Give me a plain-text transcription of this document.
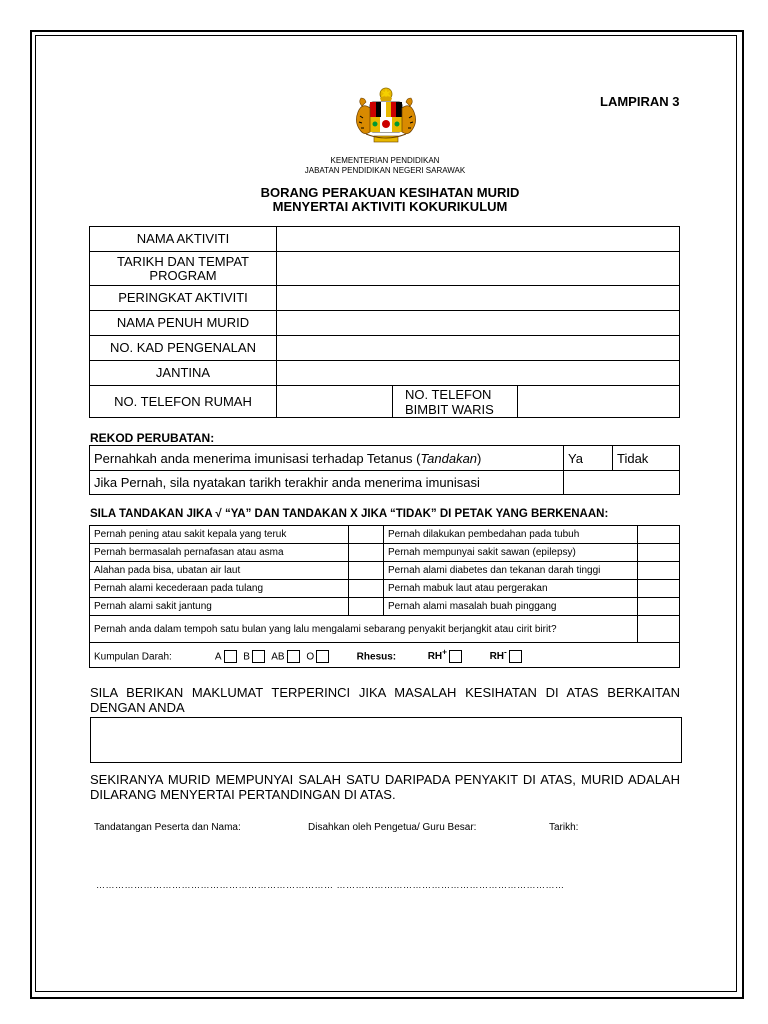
LAMPIRAN 3
KEMENTERIAN PENDIDIKAN
JABATAN PENDIDIKAN NEGERI SARAWAK
BORANG PERAKUAN KESIHATAN MURID
MENYERTAI AKTIVITI KOKURIKULUM
NAMA AKTIVITI			
TARIKH DAN TEMPAT PROGRAM			
PERINGKAT AKTIVITI			
NAMA PENUH MURID			
NO. KAD PENGENALAN			
JANTINA			
NO. TELEFON RUMAH		NO. TELEFON BIMBIT WARIS	
REKOD PERUBATAN:
Pernahkah anda menerima imunisasi terhadap Tetanus (Tandakan)	Ya	Tidak
Jika Pernah, sila nyatakan tarikh terakhir anda menerima imunisasi		
SILA TANDAKAN JIKA √ “YA” DAN TANDAKAN X JIKA “TIDAK” DI PETAK YANG BERKENAAN:
Pernah pening atau sakit kepala yang teruk		Pernah dilakukan pembedahan pada tubuh	
Pernah bermasalah pernafasan atau asma		Pernah mempunyai sakit sawan (epilepsy)	
Alahan pada bisa, ubatan air laut		Pernah alami diabetes dan tekanan darah tinggi	
Pernah alami kecederaan pada tulang		Pernah mabuk laut atau pergerakan	
Pernah alami sakit jantung		Pernah alami masalah buah pinggang	
Pernah anda dalam tempoh satu bulan yang lalu mengalami sebarang penyakit berjangkit atau cirit birit?			
Kumpulan Darah: A B AB O Rhesus: RH+ RH-
SILA BERIKAN MAKLUMAT TERPERINCI JIKA MASALAH KESIHATAN DI ATAS BERKAITAN DENGAN ANDA
SEKIRANYA MURID MEMPUNYAI SALAH SATU DARIPADA PENYAKIT DI ATAS, MURID ADALAH DILARANG MENYERTAI PERTANDINGAN DI ATAS.
Tandatangan Peserta dan Nama:	Disahkan oleh Pengetua/ Guru Besar:	Tarikh:
………………………………………………………………… ………………………………………………………………
